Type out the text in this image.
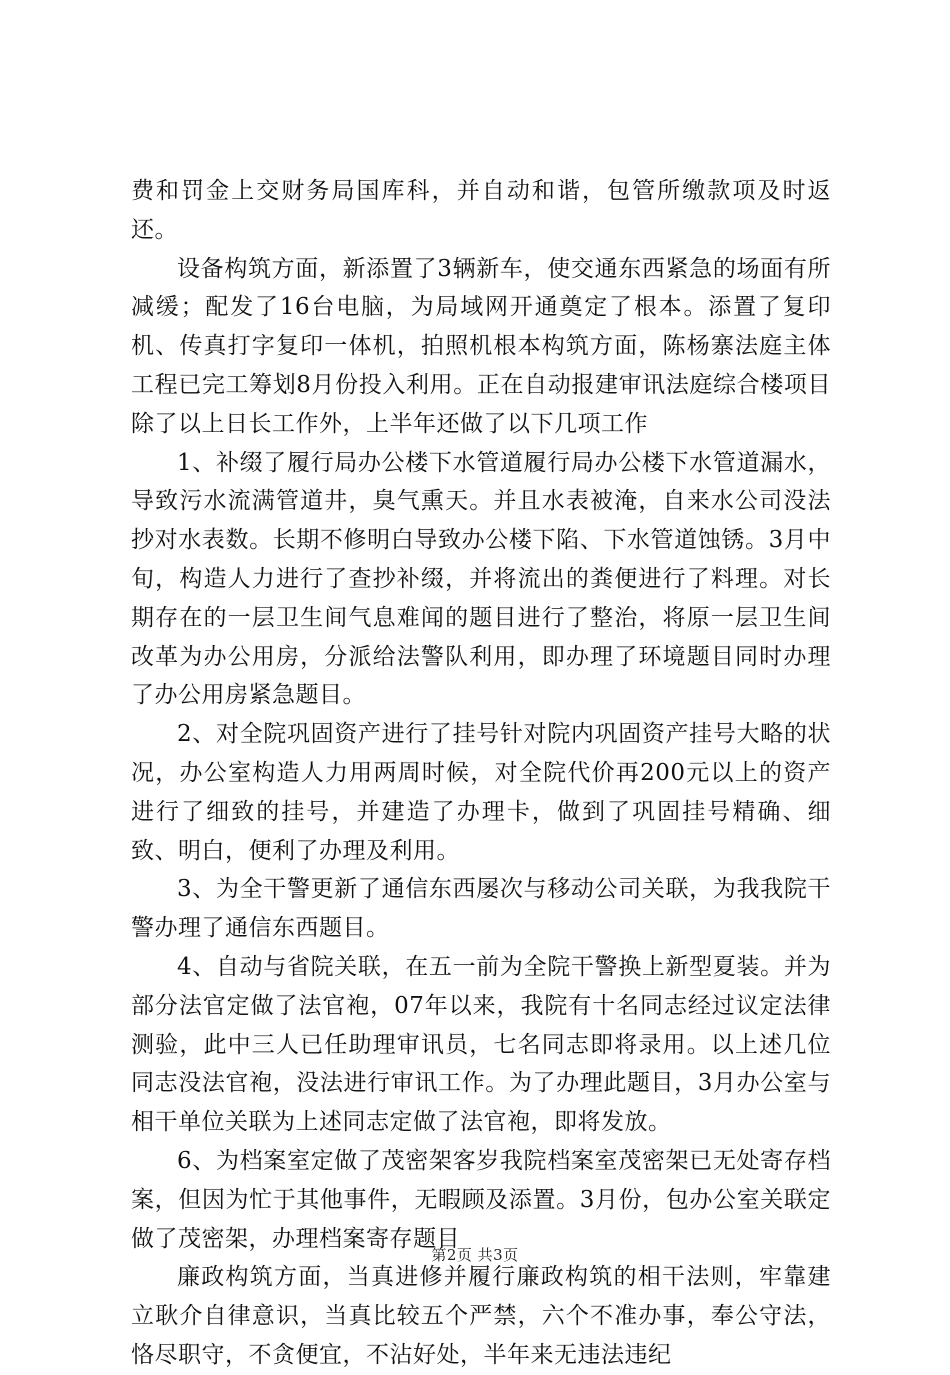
费和罚金上交财务局国库科，并自动和谐，包管所缴款项及时返还。

设备构筑方面，新添置了3辆新车，使交通东西紧急的场面有所减缓；配发了16台电脑，为局域网开通奠定了根本。添置了复印机、传真打字复印一体机，拍照机根本构筑方面，陈杨寨法庭主体工程已完工筹划8月份投入利用。正在自动报建审讯法庭综合楼项目除了以上日长工作外，上半年还做了以下几项工作

1、补缀了履行局办公楼下水管道履行局办公楼下水管道漏水，导致污水流满管道井，臭气熏天。并且水表被淹，自来水公司没法抄对水表数。长期不修明白导致办公楼下陷、下水管道蚀锈。3月中旬，构造人力进行了查抄补缀，并将流出的粪便进行了料理。对长期存在的一层卫生间气息难闻的题目进行了整治，将原一层卫生间改革为办公用房，分派给法警队利用，即办理了环境题目同时办理了办公用房紧急题目。

2、对全院巩固资产进行了挂号针对院内巩固资产挂号大略的状况，办公室构造人力用两周时候，对全院代价再200元以上的资产进行了细致的挂号，并建造了办理卡，做到了巩固挂号精确、细致、明白，便利了办理及利用。

3、为全干警更新了通信东西屡次与移动公司关联，为我我院干警办理了通信东西题目。

4、自动与省院关联，在五一前为全院干警换上新型夏装。并为部分法官定做了法官袍，07年以来，我院有十名同志经过议定法律测验，此中三人已任助理审讯员，七名同志即将录用。以上述几位同志没法官袍，没法进行审讯工作。为了办理此题目，3月办公室与相干单位关联为上述同志定做了法官袍，即将发放。

6、为档案室定做了茂密架客岁我院档案室茂密架已无处寄存档案，但因为忙于其他事件，无暇顾及添置。3月份，包办公室关联定做了茂密架，办理档案寄存题目

廉政构筑方面，当真进修并履行廉政构筑的相干法则，牢靠建立耿介自律意识，当真比较五个严禁，六个不准办事，奉公守法，恪尽职守，不贪便宜，不沾好处，半年来无违法违纪

第2页 共3页
